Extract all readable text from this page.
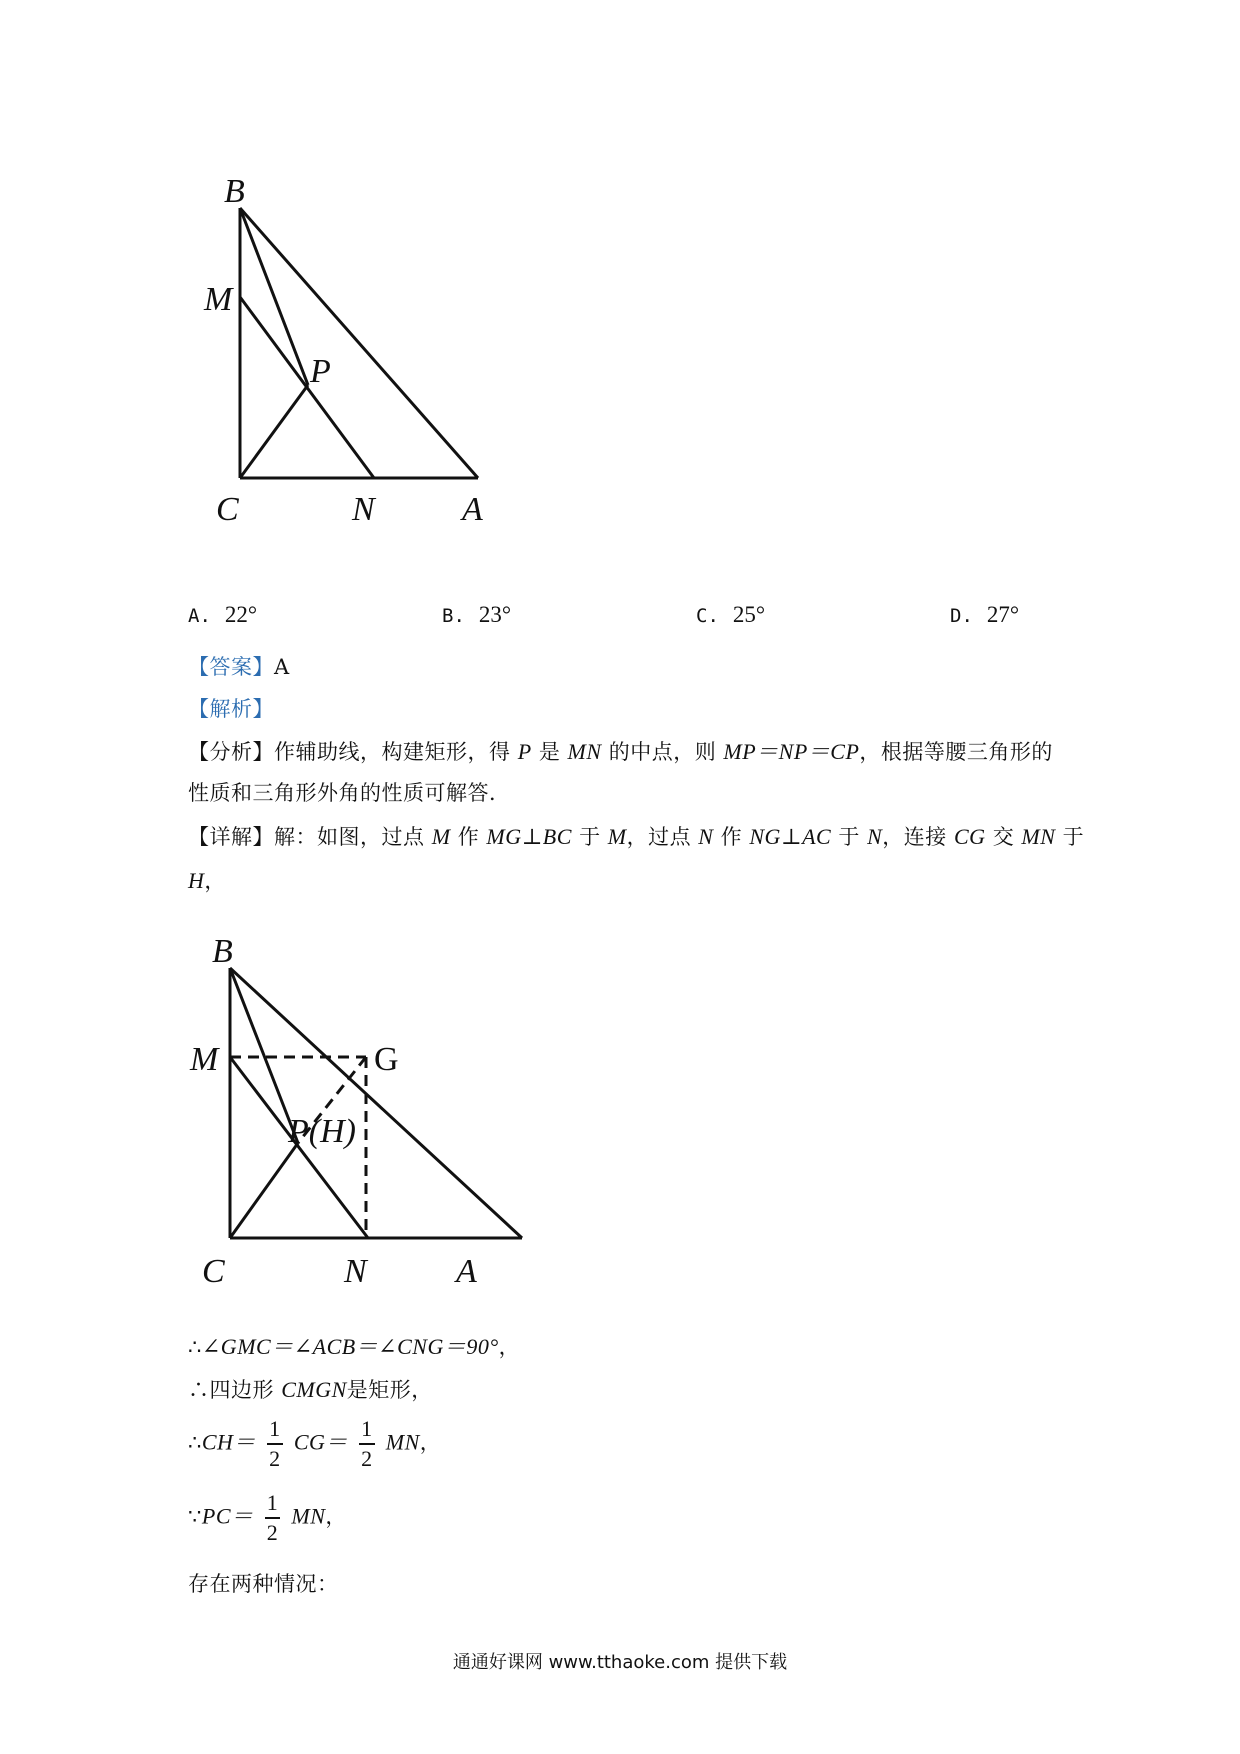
B
M
P
C	N	A
A. 22°	B. 23°	C. 25°	D. 27°
【答案】A
【解析】
【分析】作辅助线，构建矩形，得 P 是 MN 的中点，则 MP＝NP＝CP，根据等腰三角形的
性质和三角形外角的性质可解答．
【详解】解：如图，过点 M 作 MG⊥BC 于 M，过点 N 作 NG⊥AC 于 N，连接 CG 交 MN 于
H，
B
M	G
P(H)
C	N	A
∴∠GMC＝∠ACB＝∠CNG＝90°，
∴四边形 CMGN是矩形，
∴CH＝ $\frac{1}{2} CG= \frac{1}{2}$ MN，
∵PC＝ $\frac{1}{2}$ MN，
存在两种情况：
通通好课网 www.tthaoke.com 提供下载
